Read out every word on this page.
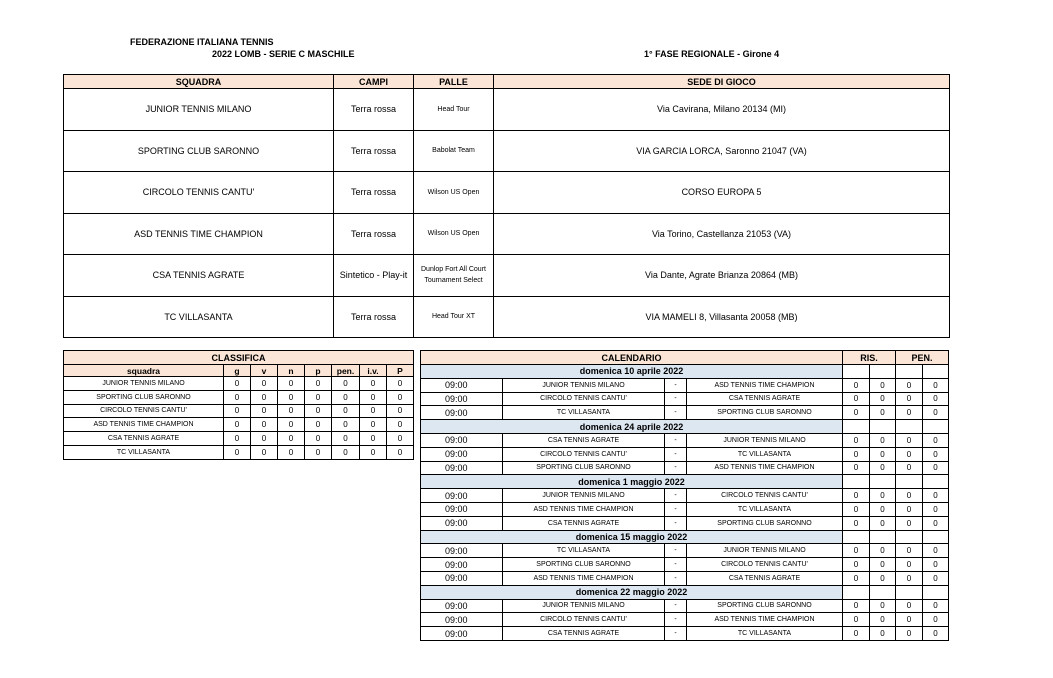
FEDERAZIONE ITALIANA TENNIS
2022 LOMB - SERIE C MASCHILE	1° FASE REGIONALE - Girone 4
SQUADRA	CAMPI	PALLE	SEDE DI GIOCO
JUNIOR TENNIS MILANO	Terra rossa	Head Tour	Via Cavirana, Milano 20134 (MI)
SPORTING CLUB SARONNO	Terra rossa	Babolat Team	VIA GARCIA LORCA, Saronno 21047 (VA)
CIRCOLO TENNIS CANTU'	Terra rossa	Wilson US Open	CORSO EUROPA 5
ASD TENNIS TIME CHAMPION	Terra rossa	Wilson US Open	Via Torino, Castellanza 21053 (VA)
CSA TENNIS AGRATE	Sintetico - Play-it	Dunlop Fort All Court Tournament Select	Via Dante, Agrate Brianza 20864 (MB)
TC VILLASANTA	Terra rossa	Head Tour XT	VIA MAMELI 8, Villasanta 20058 (MB)
CLASSIFICA							
squadra	g	v	n	p	pen.	i.v.	P
JUNIOR TENNIS MILANO	0	0	0	0	0	0	0
SPORTING CLUB SARONNO	0	0	0	0	0	0	0
CIRCOLO TENNIS CANTU'	0	0	0	0	0	0	0
ASD TENNIS TIME CHAMPION	0	0	0	0	0	0	0
CSA TENNIS AGRATE	0	0	0	0	0	0	0
TC VILLASANTA	0	0	0	0	0	0	0
CALENDARIO				RIS.		PEN.	
domenica 10 aprile 2022							
09:00	JUNIOR TENNIS MILANO	-	ASD TENNIS TIME CHAMPION	0	0	0	0
09:00	CIRCOLO TENNIS CANTU'	-	CSA TENNIS AGRATE	0	0	0	0
09:00	TC VILLASANTA	-	SPORTING CLUB SARONNO	0	0	0	0
domenica 24 aprile 2022							
09:00	CSA TENNIS AGRATE	-	JUNIOR TENNIS MILANO	0	0	0	0
09:00	CIRCOLO TENNIS CANTU'	-	TC VILLASANTA	0	0	0	0
09:00	SPORTING CLUB SARONNO	-	ASD TENNIS TIME CHAMPION	0	0	0	0
domenica 1 maggio 2022							
09:00	JUNIOR TENNIS MILANO	-	CIRCOLO TENNIS CANTU'	0	0	0	0
09:00	ASD TENNIS TIME CHAMPION	-	TC VILLASANTA	0	0	0	0
09:00	CSA TENNIS AGRATE	-	SPORTING CLUB SARONNO	0	0	0	0
domenica 15 maggio 2022							
09:00	TC VILLASANTA	-	JUNIOR TENNIS MILANO	0	0	0	0
09:00	SPORTING CLUB SARONNO	-	CIRCOLO TENNIS CANTU'	0	0	0	0
09:00	ASD TENNIS TIME CHAMPION	-	CSA TENNIS AGRATE	0	0	0	0
domenica 22 maggio 2022							
09:00	JUNIOR TENNIS MILANO	-	SPORTING CLUB SARONNO	0	0	0	0
09:00	CIRCOLO TENNIS CANTU'	-	ASD TENNIS TIME CHAMPION	0	0	0	0
09:00	CSA TENNIS AGRATE	-	TC VILLASANTA	0	0	0	0
